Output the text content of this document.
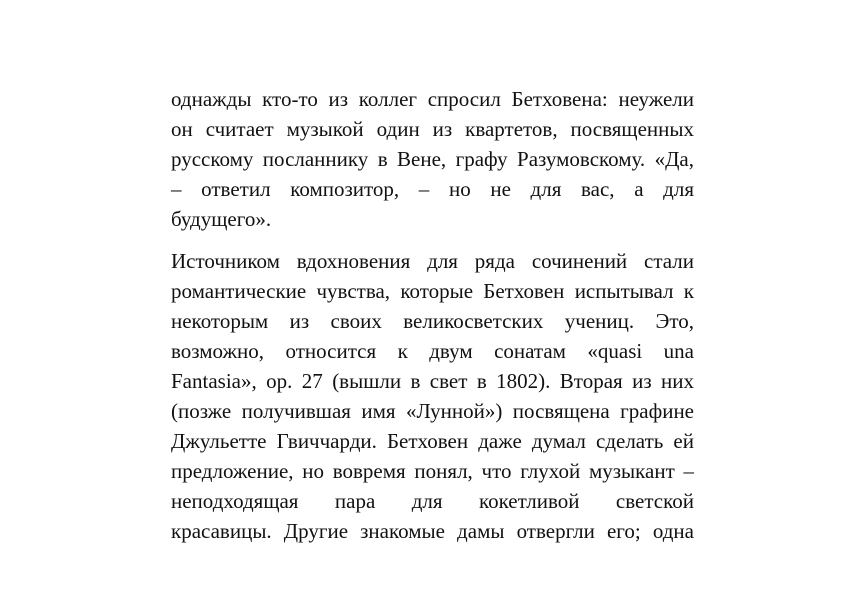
однажды кто-то из коллег спросил Бетховена: неужели
он считает музыкой один из квартетов, посвященных
русскому посланнику в Вене, графу Разумовскому. «Да,
– ответил композитор, – но не для вас, а для
будущего».
Источником вдохновения для ряда сочинений стали
романтические чувства, которые Бетховен испытывал к
некоторым из своих великосветских учениц. Это,
возможно, относится к двум сонатам «quasi una
Fantasia», op. 27 (вышли в свет в 1802). Вторая из них
(позже получившая имя «Лунной») посвящена графине
Джульетте Гвиччарди. Бетховен даже думал сделать ей
предложение, но вовремя понял, что глухой музыкант –
неподходящая пара для кокетливой светской
красавицы. Другие знакомые дамы отвергли его; одна
